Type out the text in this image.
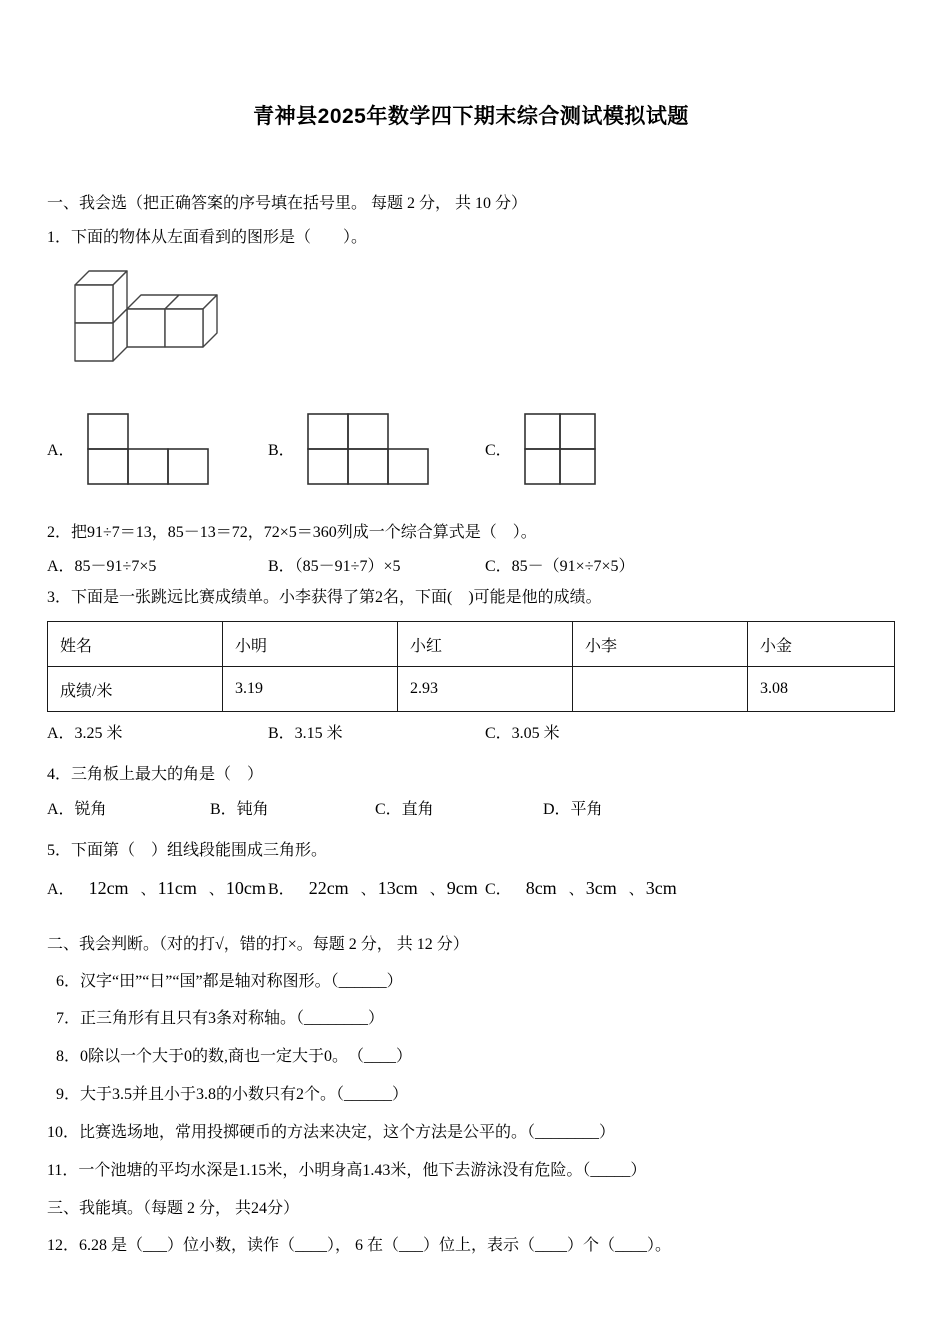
青神县2025年数学四下期末综合测试模拟试题
一、我会选（把正确答案的序号填在括号里。 每题 2 分， 共 10 分）
1．下面的物体从左面看到的图形是（　　）。
A．	B．	C．
2．把91÷7＝13，85－13＝72，72×5＝360列成一个综合算式是（　）。
A．85－91÷7×5	B．（85－91÷7）×5	C．85－（91×÷7×5）
3．下面是一张跳远比赛成绩单。小李获得了第2名，下面(　)可能是他的成绩。
姓名	小明	小红	小李	小金
成绩/米	3.19	2.93		3.08
A．3.25 米	B．3.15 米	C．3.05 米
4．三角板上最大的角是（　）
A．锐角	B．钝角	C．直角	D．平角
5．下面第（　）组线段能围成三角形。
A． 12cm 、 11cm 、 10cm B． 22cm 、 13cm 、 9cm C． 8cm 、 3cm 、 3cm
二、我会判断。（对的打√，错的打×。每题 2 分， 共 12 分）
6．汉字“田”“日”“国”都是轴对称图形。（______）
7．正三角形有且只有3条对称轴。（________）
8．0除以一个大于0的数,商也一定大于0。　（____）
9．大于3.5并且小于3.8的小数只有2个。（______）
10．比赛选场地，常用投掷硬币的方法来决定，这个方法是公平的。（________）
11．一个池塘的平均水深是1.15米，小明身高1.43米，他下去游泳没有危险。（_____）
三、我能填。（每题 2 分， 共24分）
12．6.28 是（___）位小数，读作（____）， 6 在（___）位上，表示（____）个（____）。
